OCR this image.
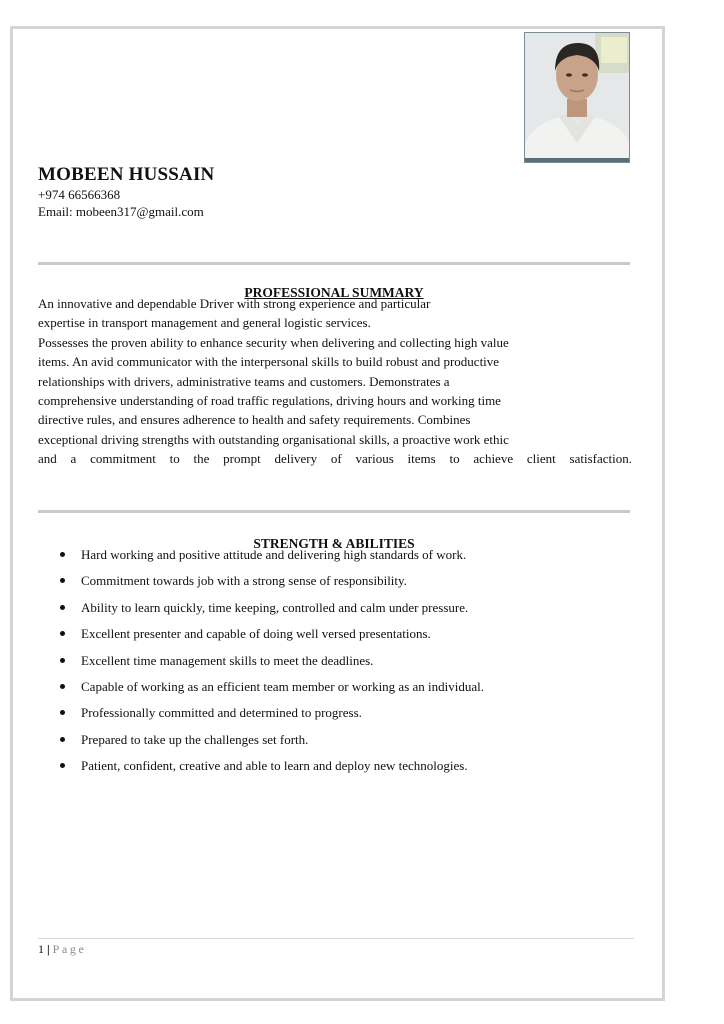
MOBEEN HUSSAIN
+974 66566368
Email: mobeen317@gmail.com
PROFESSIONAL SUMMARY
An innovative and dependable Driver with strong experience and particular
expertise in transport management and general logistic services.
Possesses the proven ability to enhance security when delivering and collecting high value
items. An avid communicator with the interpersonal skills to build robust and productive
relationships with drivers, administrative teams and customers. Demonstrates a
comprehensive understanding of road traffic regulations, driving hours and working time
directive rules, and ensures adherence to health and safety requirements. Combines
exceptional driving strengths with outstanding organisational skills, a proactive work ethic
and a commitment to the prompt delivery of various items to achieve client satisfaction.
STRENGTH & ABILITIES
Hard working and positive attitude and delivering high standards of work.
Commitment towards job with a strong sense of responsibility.
Ability to learn quickly, time keeping, controlled and calm under pressure.
Excellent presenter and capable of doing well versed presentations.
Excellent time management skills to meet the deadlines.
Capable of working as an efficient team member or working as an individual.
Professionally committed and determined to progress.
Prepared to take up the challenges set forth.
Patient, confident, creative and able to learn and deploy new technologies.
1 | Page
